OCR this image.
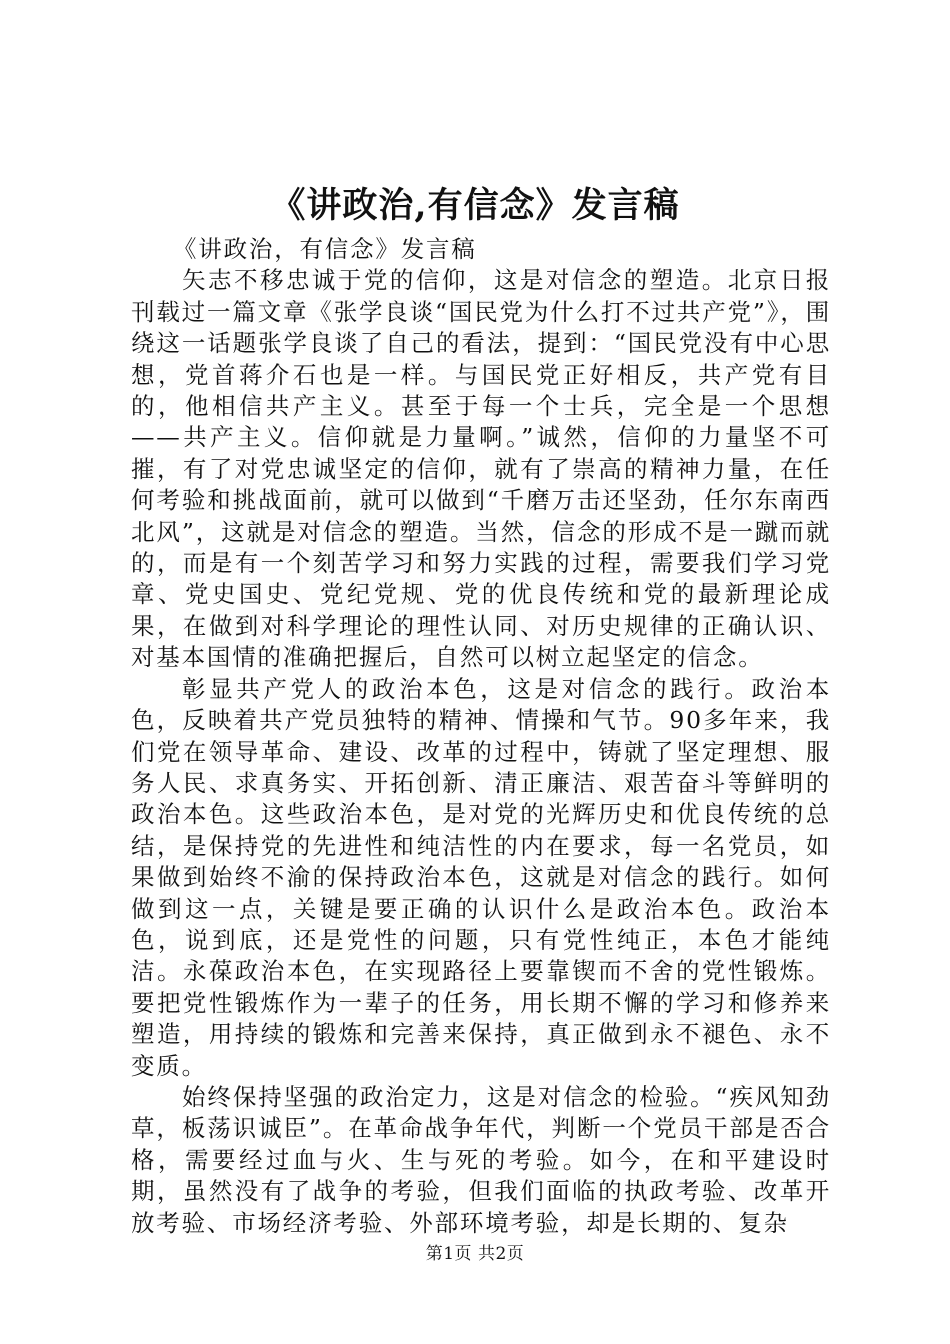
《讲政治,有信念》发言稿

《讲政治，有信念》发言稿

矢志不移忠诚于党的信仰，这是对信念的塑造。北京日报刊载过一篇文章《张学良谈“国民党为什么打不过共产党”》，围绕这一话题张学良谈了自己的看法，提到：“国民党没有中心思想，党首蒋介石也是一样。与国民党正好相反，共产党有目的，他相信共产主义。甚至于每一个士兵，完全是一个思想——共产主义。信仰就是力量啊。”诚然，信仰的力量坚不可摧，有了对党忠诚坚定的信仰，就有了崇高的精神力量，在任何考验和挑战面前，就可以做到“千磨万击还坚劲，任尔东南西北风”，这就是对信念的塑造。当然，信念的形成不是一蹴而就的，而是有一个刻苦学习和努力实践的过程，需要我们学习党章、党史国史、党纪党规、党的优良传统和党的最新理论成果，在做到对科学理论的理性认同、对历史规律的正确认识、对基本国情的准确把握后，自然可以树立起坚定的信念。

彰显共产党人的政治本色，这是对信念的践行。政治本色，反映着共产党员独特的精神、情操和气节。90多年来，我们党在领导革命、建设、改革的过程中，铸就了坚定理想、服务人民、求真务实、开拓创新、清正廉洁、艰苦奋斗等鲜明的政治本色。这些政治本色，是对党的光辉历史和优良传统的总结，是保持党的先进性和纯洁性的内在要求，每一名党员，如果做到始终不渝的保持政治本色，这就是对信念的践行。如何做到这一点，关键是要正确的认识什么是政治本色。政治本色，说到底，还是党性的问题，只有党性纯正，本色才能纯洁。永葆政治本色，在实现路径上要靠锲而不舍的党性锻炼。要把党性锻炼作为一辈子的任务，用长期不懈的学习和修养来塑造，用持续的锻炼和完善来保持，真正做到永不褪色、永不变质。

始终保持坚强的政治定力，这是对信念的检验。“疾风知劲草，板荡识诚臣”。在革命战争年代，判断一个党员干部是否合格，需要经过血与火、生与死的考验。如今，在和平建设时期，虽然没有了战争的考验，但我们面临的执政考验、改革开放考验、市场经济考验、外部环境考验，却是长期的、复杂

第1页 共2页
